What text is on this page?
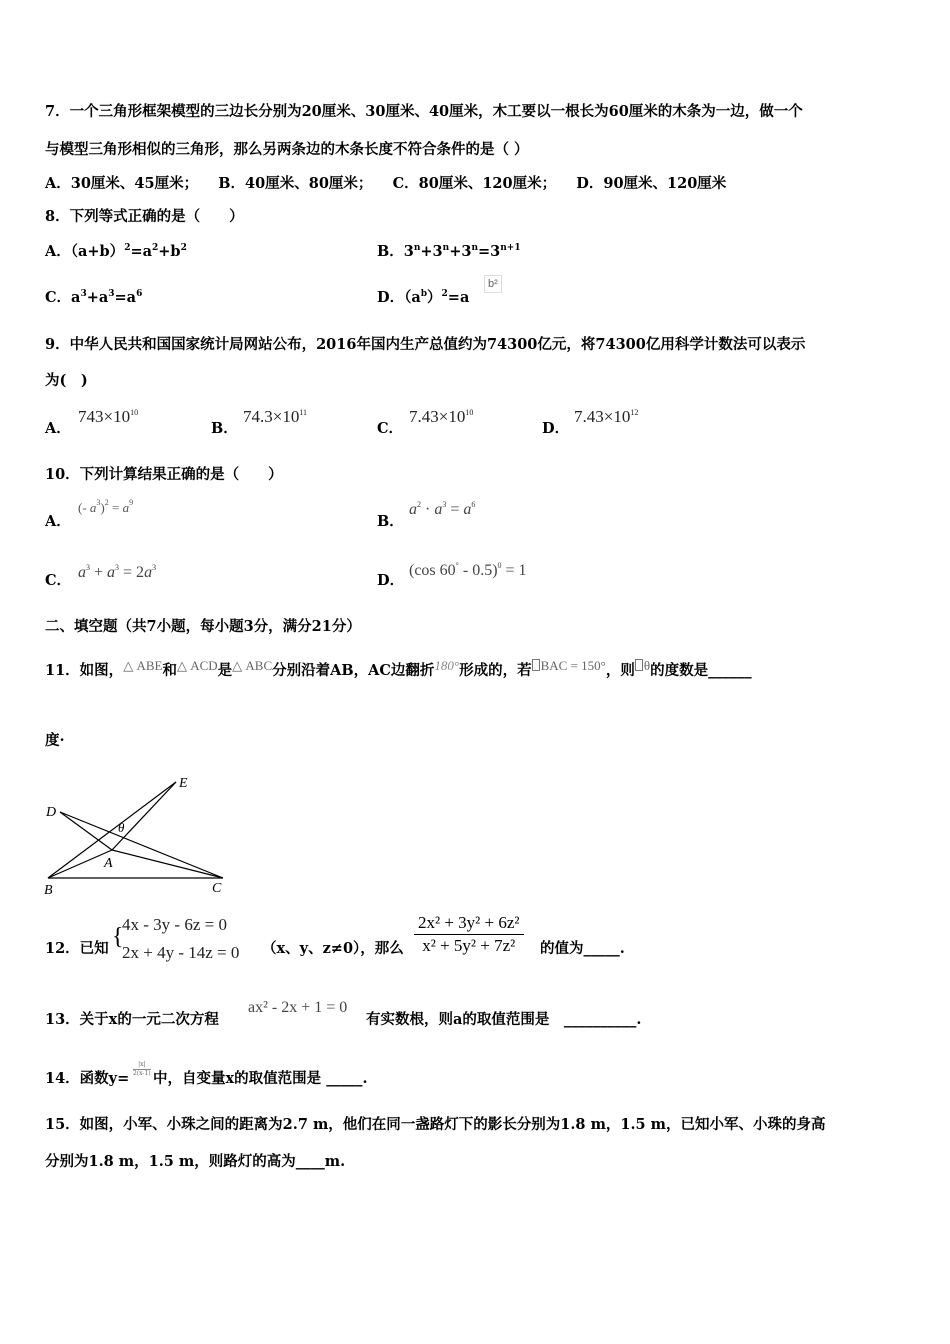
7．一个三角形框架模型的三边长分别为20厘米、30厘米、40厘米，木工要以一根长为60厘米的木条为一边，做一个
与模型三角形相似的三角形，那么另两条边的木条长度不符合条件的是（ ）
A．30厘米、45厘米；    B．40厘米、80厘米；    C．80厘米、120厘米；    D．90厘米、120厘米
8．下列等式正确的是（　　）
A．$(a+b)^2=a^2+b^2$	B．$3^n+3^n+3^n=3^{n+1}$
C．$a^3+a^3=a^6$	D．$(a^b)^2=a$
b²
9．中华人民共和国国家统计局网站公布，2016年国内生产总值约为74300亿元，将74300亿用科学计数法可以表示
为(　)
A．
$743\times 10^{10}$
B．
$74.3\times 10^{11}$
C．
$7.43\times 10^{10}$
D．
$7.43\times 10^{12}$
10．下列计算结果正确的是（　　）
A．
(- $a^3)^2 = a^9$
B．
$a^2 \cdot a^3 = a^6$
C． $a^3 + a^3 = 2a^3$
D．
(cos 60° - 0.5)$^0$ = 1
二、填空题（共7小题，每小题3分，满分21分）
11．如图，△ ABE和△ ACD是△ ABC分别沿着AB，AC边翻折180°形成的，若 BAC = 150°，则 θ的度数是______
度·
D
E
θ
A
B	C
12．已知 {
4x - 3y - 6z = 0
2x + 4y - 14z = 0 （x、y、z≠0），那么 $\frac{\text{2x² + 3y² + 6z²}}{\text{x² + 5y² + 7z²}}$ 的值为_____.
13．关于x的一元二次方程
ax² - 2x + 1 = 0
有实数根，则a的取值范围是　__________.
14．函数y=
$\frac{|x|}{2(x-1)}$
中，自变量x的取值范围是 _____.
15．如图，小军、小珠之间的距离为2.7 m，他们在同一盏路灯下的影长分别为1.8 m，1.5 m，已知小军、小珠的身高
分别为1.8 m，1.5 m，则路灯的高为____m.
